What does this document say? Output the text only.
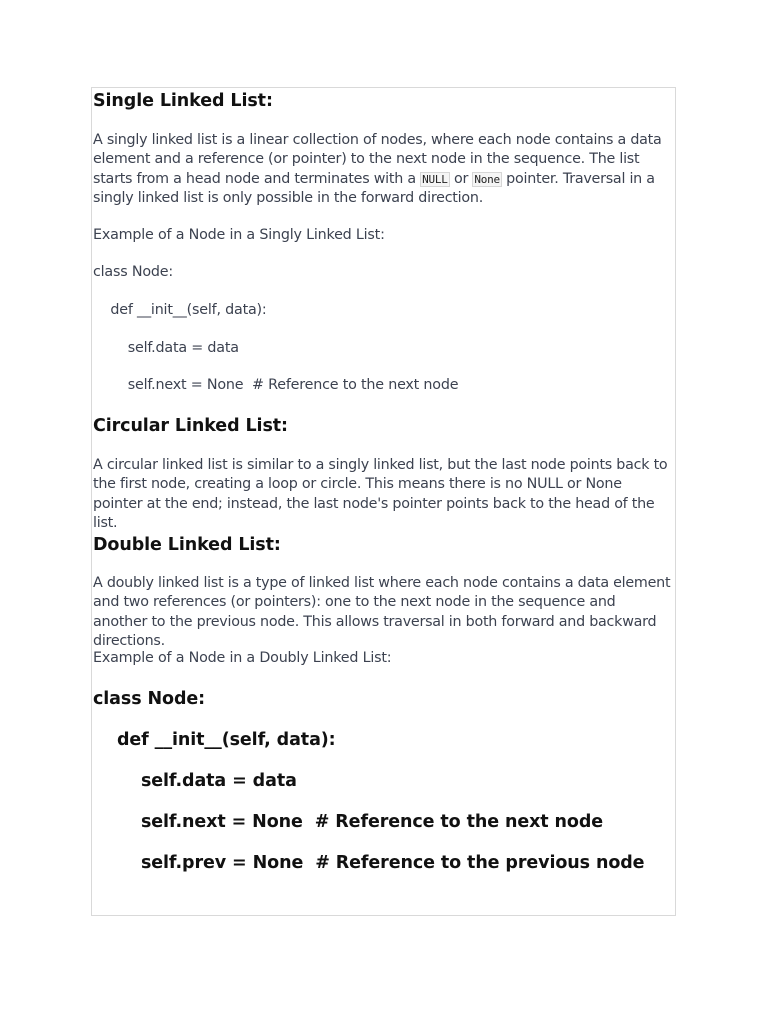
Single Linked List:

A singly linked list is a linear collection of nodes, where each node contains a data element and a reference (or pointer) to the next node in the sequence. The list starts from a head node and terminates with a NULL or None pointer. Traversal in a singly linked list is only possible in the forward direction.

Example of a Node in a Singly Linked List:

class Node:

def __init__(self, data):

self.data = data

self.next = None  # Reference to the next node

Circular Linked List:

A circular linked list is similar to a singly linked list, but the last node points back to the first node, creating a loop or circle. This means there is no NULL or None pointer at the end; instead, the last node's pointer points back to the head of the list.

Double Linked List:

A doubly linked list is a type of linked list where each node contains a data element and two references (or pointers): one to the next node in the sequence and another to the previous node. This allows traversal in both forward and backward directions.

Example of a Node in a Doubly Linked List:

class Node:

def __init__(self, data):

self.data = data

self.next = None  # Reference to the next node

self.prev = None  # Reference to the previous node
